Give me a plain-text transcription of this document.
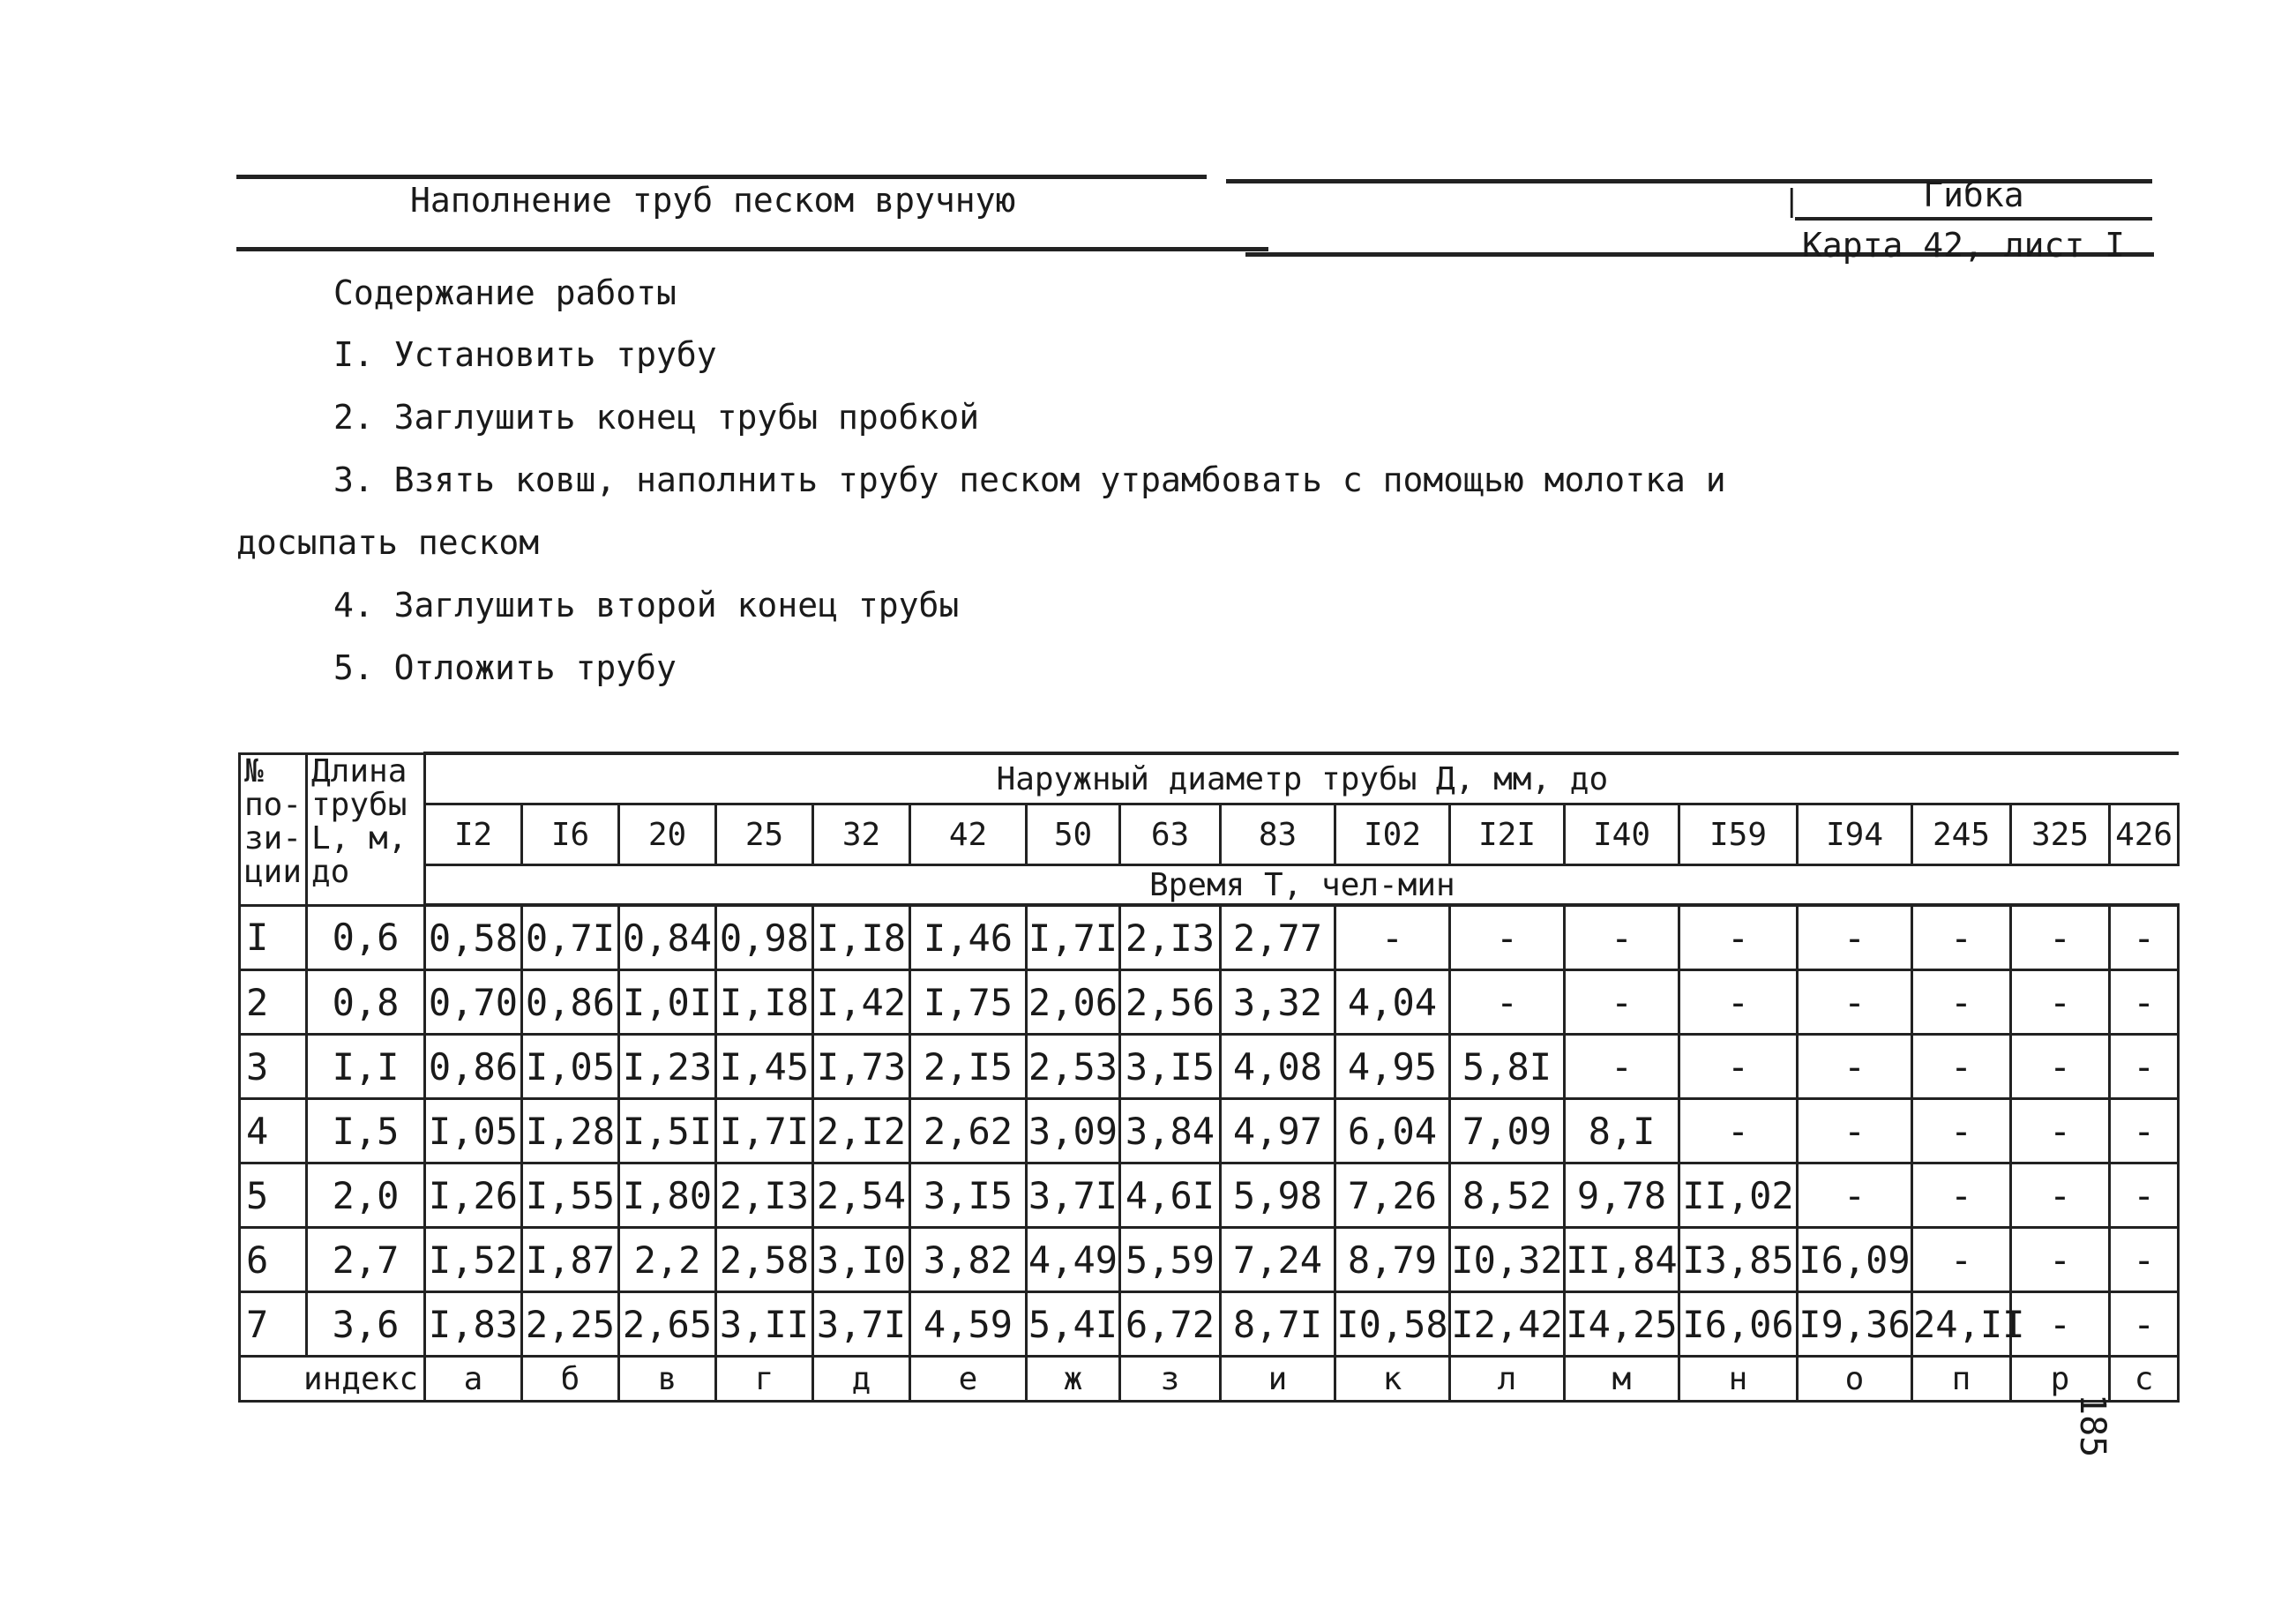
Наполнение труб песком вручную	|	Гибка
Карта 42, лист I
Содержание работы
I. Установить трубу
2. Заглушить конец трубы пробкой
3. Взять ковш, наполнить трубу песком утрамбовать с помощью молотка и
досыпать песком
4. Заглушить второй конец трубы
5. Отложить трубу
№ по-зи-ции	Длина трубы L, м, до	Наружный диаметр трубы Д, мм, до																
		I2	I6	20	25	32	42	50	63	83	I02	I2I	I40	I59	I94	245	325	426
		Время T, чел-мин																
I	0,6	0,58	0,7I	0,84	0,98	I,I8	I,46	I,7I	2,I3	2,77	-	-	-	-	-	-	-	-
2	0,8	0,70	0,86	I,0I	I,I8	I,42	I,75	2,06	2,56	3,32	4,04	-	-	-	-	-	-	-
3	I,I	0,86	I,05	I,23	I,45	I,73	2,I5	2,53	3,I5	4,08	4,95	5,8I	-	-	-	-	-	-
4	I,5	I,05	I,28	I,5I	I,7I	2,I2	2,62	3,09	3,84	4,97	6,04	7,09	8,I	-	-	-	-	-
5	2,0	I,26	I,55	I,80	2,I3	2,54	3,I5	3,7I	4,6I	5,98	7,26	8,52	9,78	II,02	-	-	-	-
6	2,7	I,52	I,87	2,2	2,58	3,I0	3,82	4,49	5,59	7,24	8,79	I0,32	II,84	I3,85	I6,09	-	-	-
7	3,6	I,83	2,25	2,65	3,II	3,7I	4,59	5,4I	6,72	8,7I	I0,58	I2,42	I4,25	I6,06	I9,36	24,II	-	-
индекс		а	б	в	г	д	е	ж	з	и	к	л	м	н	о	п	р	с
185
